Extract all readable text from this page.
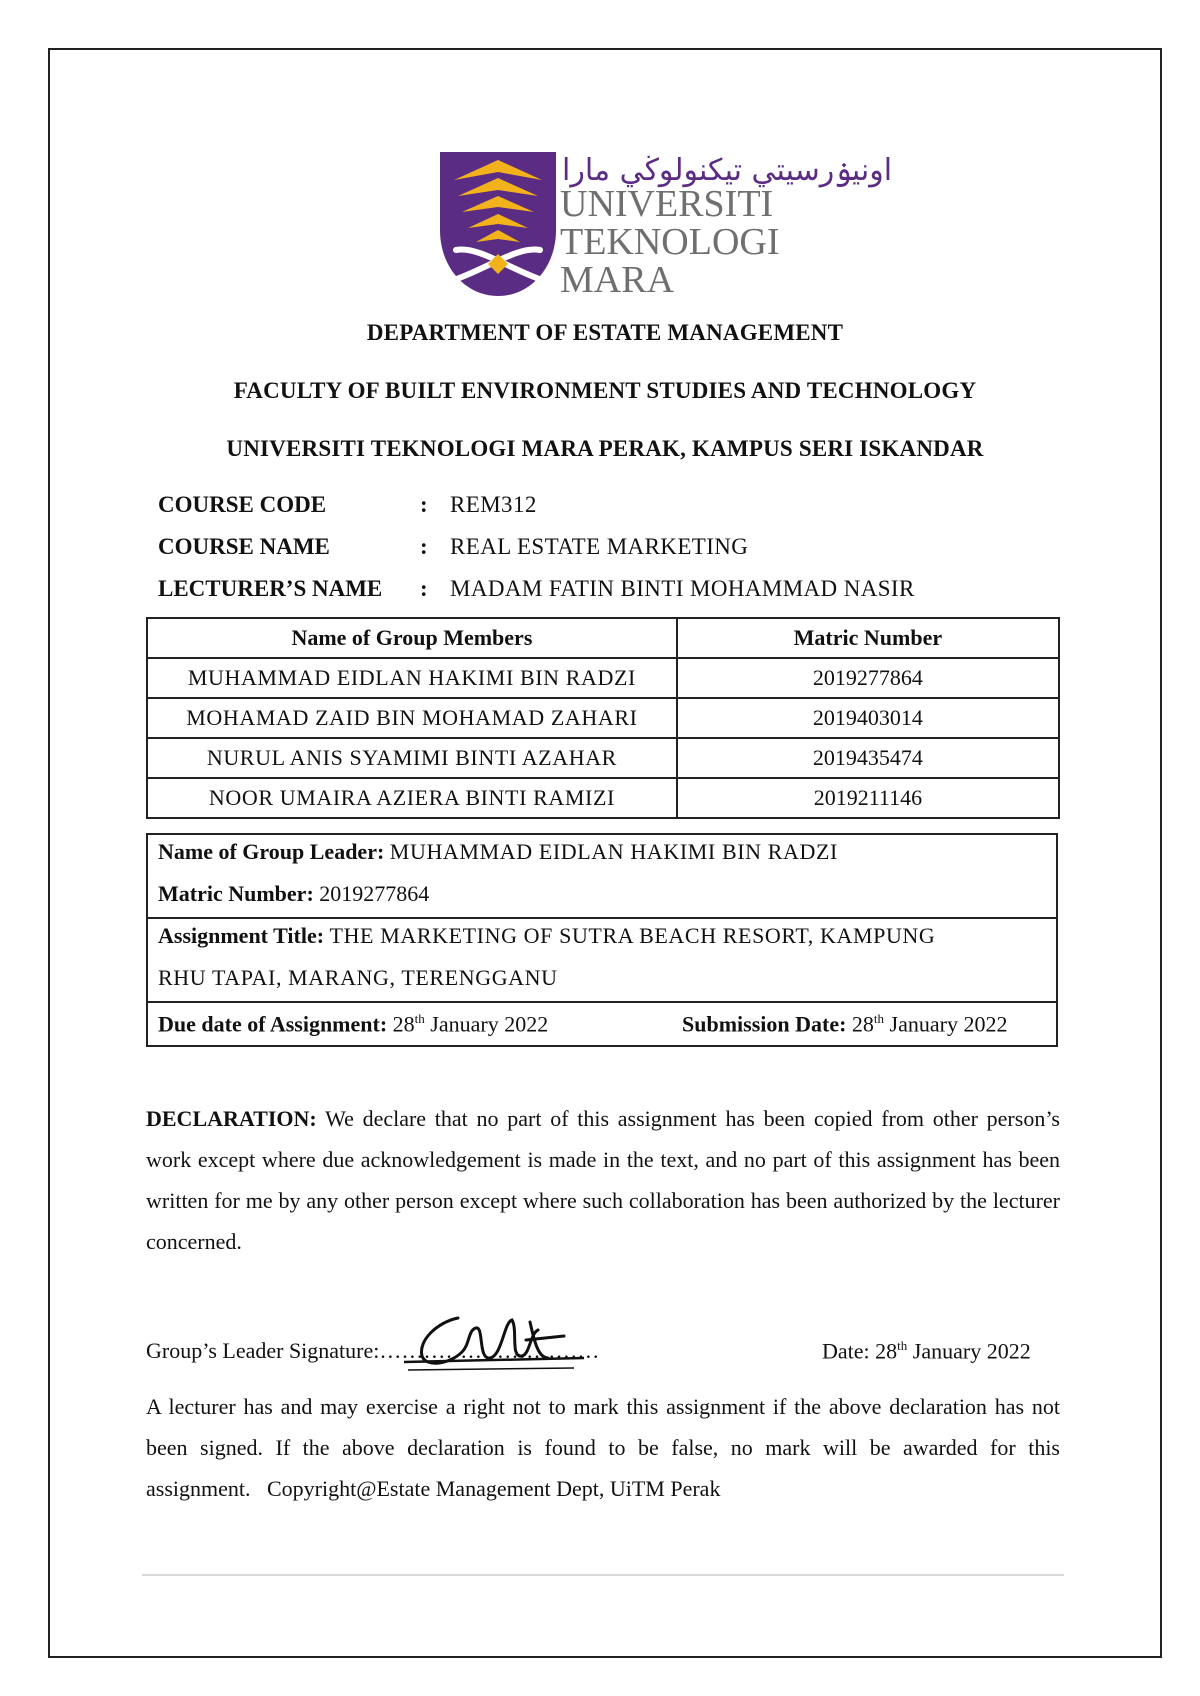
اونيۏرسيتي تيكنولوڬي مارا
UNIVERSITI
TEKNOLOGI
MARA
DEPARTMENT OF ESTATE MANAGEMENT
FACULTY OF BUILT ENVIRONMENT STUDIES AND TECHNOLOGY
UNIVERSITI TEKNOLOGI MARA PERAK, KAMPUS SERI ISKANDAR
COURSE CODE	: REM312
COURSE NAME	: REAL ESTATE MARKETING
LECTURER’S NAME : MADAM FATIN BINTI MOHAMMAD NASIR
Name of Group Members	Matric Number
MUHAMMAD EIDLAN HAKIMI BIN RADZI	2019277864
MOHAMAD ZAID BIN MOHAMAD ZAHARI	2019403014
NURUL ANIS SYAMIMI BINTI AZAHAR	2019435474
NOOR UMAIRA AZIERA BINTI RAMIZI	2019211146
Name of Group Leader: MUHAMMAD EIDLAN HAKIMI BIN RADZI
Matric Number: 2019277864
Assignment Title: THE MARKETING OF SUTRA BEACH RESORT, KAMPUNG
RHU TAPAI, MARANG, TERENGGANU
Due date of Assignment: 28th January 2022	Submission Date: 28th January 2022
DECLARATION: We declare that no part of this assignment has been copied from other person’s work except where due acknowledgement is made in the text, and no part of this assignment has been written for me by any other person except where such collaboration has been authorized by the lecturer concerned.
Group’s Leader Signature:…………………………	Date: 28th January 2022
A lecturer has and may exercise a right not to mark this assignment if the above declaration has not been signed. If the above declaration is found to be false, no mark will be awarded for this assignment. Copyright@Estate Management Dept, UiTM Perak
